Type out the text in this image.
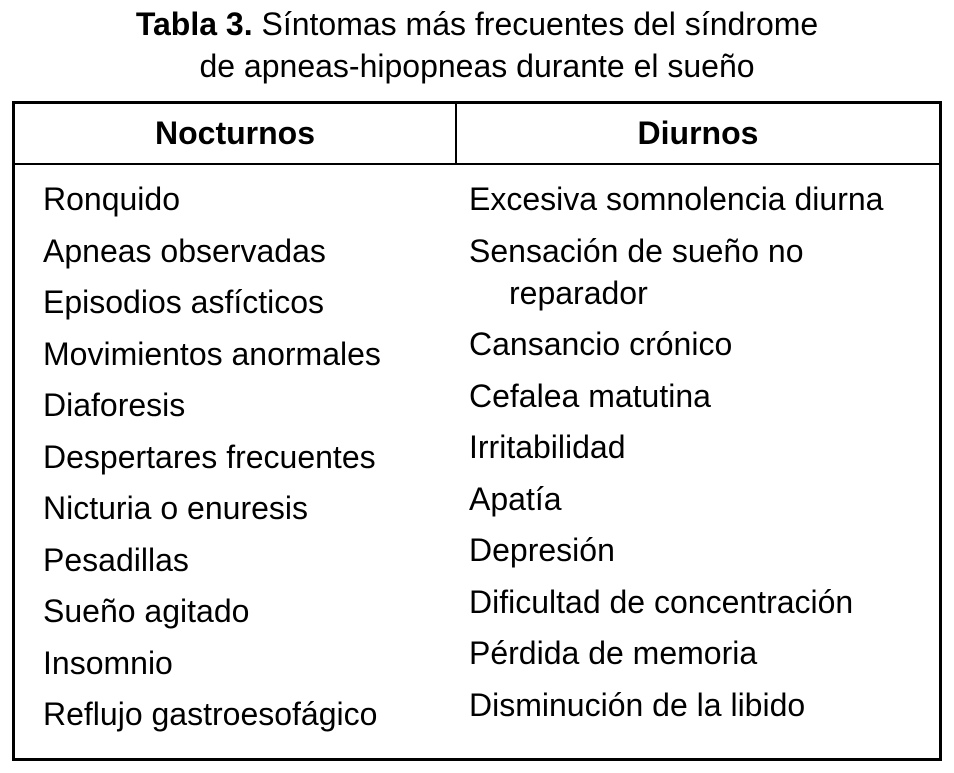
Tabla 3. Síntomas más frecuentes del síndrome
de apneas-hipopneas durante el sueño
Nocturnos	Diurnos
Ronquido
Apneas observadas
Episodios asfícticos
Movimientos anormales
Diaforesis
Despertares frecuentes
Nicturia o enuresis
Pesadillas
Sueño agitado
Insomnio
Reflujo gastroesofágico
Excesiva somnolencia diurna
Sensación de sueño no
reparador
Cansancio crónico
Cefalea matutina
Irritabilidad
Apatía
Depresión
Dificultad de concentración
Pérdida de memoria
Disminución de la libido
